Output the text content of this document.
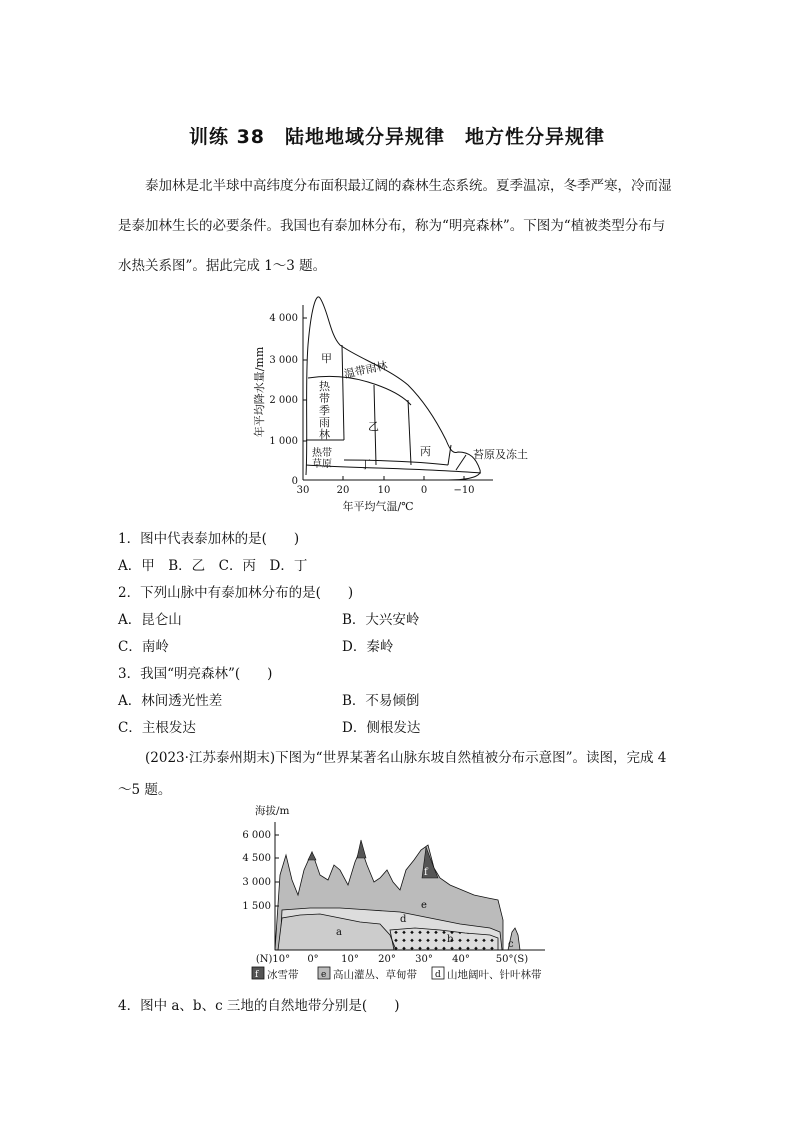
训练 38　陆地地域分异规律　地方性分异规律
泰加林是北半球中高纬度分布面积最辽阔的森林生态系统。夏季温凉，冬季严寒，冷而湿是泰加林生长的必要条件。我国也有泰加林分布，称为“明亮森林”。下图为“植被类型分布与水热关系图”。据此完成 1～3 题。
4 000
3 000
2 000
1 000
0
30	20	10	0	−10
年平均气温/℃
年平均降水量/mm	甲
温带雨林
乙
丙
丁
苔原及冻土
热带季雨林
热带草原
1．图中代表泰加林的是(　　)
A．甲　B．乙　C．丙　D．丁
2．下列山脉中有泰加林分布的是(　　)
A．昆仑山	B．大兴安岭
C．南岭	D．秦岭
3．我国“明亮森林”(　　)
A．林间透光性差	B．不易倾倒
C．主根发达	D．侧根发达
(2023·江苏泰州期末)下图为“世界某著名山脉东坡自然植被分布示意图”。读图，完成 4～5 题。
海拔/m
6 000
4 500
3 000
1 500
(N)10° 0° 10° 20° 30° 40°	50°(S)
a
b	c
d
e
f
f 冰雪带	e 高山灌丛、草甸带 d 山地阔叶、针叶林带
4．图中 a、b、c 三地的自然地带分别是(　　)
